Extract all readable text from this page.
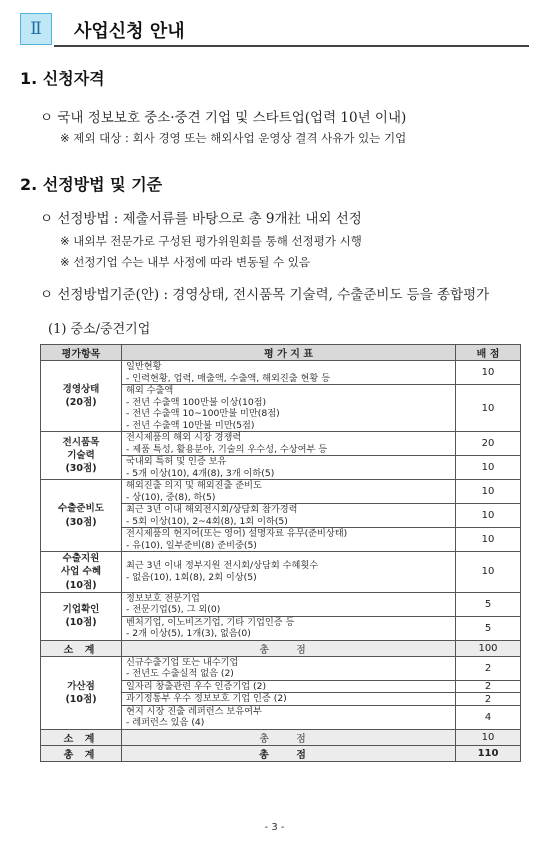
Ⅱ	사업신청 안내
1. 신청자격
ㅇ 국내 정보보호 중소·중견 기업 및 스타트업(업력 10년 이내)
※ 제외 대상 : 회사 경영 또는 해외사업 운영상 결격 사유가 있는 기업
2. 선정방법 및 기준
ㅇ 선정방법 : 제출서류를 바탕으로 총 9개社 내외 선정
※ 내외부 전문가로 구성된 평가위원회를 통해 선정평가 시행
※ 선정기업 수는 내부 사정에 따라 변동될 수 있음
ㅇ 선정방법기준(안) : 경영상태, 전시품목 기술력, 수출준비도 등을 종합평가
(1) 중소/중견기업
평가항목	평 가 지 표	배 점

경영상태
(20점)	일반현황
- 인력현황, 업력, 매출액, 수출액, 해외진출 현황 등	10

	해외 수출액
- 전년 수출액 100만불 이상(10점)
- 전년 수출액 10~100만불 미만(8점)
- 전년 수출액 10만불 미만(5점)	10

전시품목
기술력
(30점)	전시제품의 해외 시장 경쟁력
- 제품 특성, 활용분야, 기술의 우수성, 수상여부 등	20

	국내외 특허 및 인증 보유
- 5개 이상(10), 4개(8), 3개 이하(5)	10

수출준비도
(30점)	해외진출 의지 및 해외진출 준비도
- 상(10), 중(8), 하(5)	10

	최근 3년 이내 해외전시회/상담회 참가경력
- 5회 이상(10), 2~4회(8), 1회 이하(5)	10

	전시제품의 현지어(또는 영어) 설명자료 유무(준비상태)
- 유(10), 일부준비(8) 준비중(5)	10

수출지원
사업 수혜
(10점)	최근 3년 이내 정부지원 전시회/상담회 수혜횟수
- 없음(10), 1회(8), 2회 이상(5)	10

기업확인
(10점)	정보보호 전문기업
- 전문기업(5), 그 외(0)	5

	벤처기업, 이노비즈기업, 기타 기업인증 등
- 2개 이상(5), 1개(3), 없음(0)	5
소 계	총 점	100

가산점
(10점)	신규수출기업 또는 내수기업
- 전년도 수출실적 없음 (2)	2

	일자리 창출관련 우수 인증기업 (2)	2

	과기정통부 우수 정보보호 기업 인증 (2)	2

	현지 시장 진출 레퍼런스 보유여부
- 레퍼런스 있음 (4)	4
소 계	총 점	10
총 계	총 점	110
- 3 -
